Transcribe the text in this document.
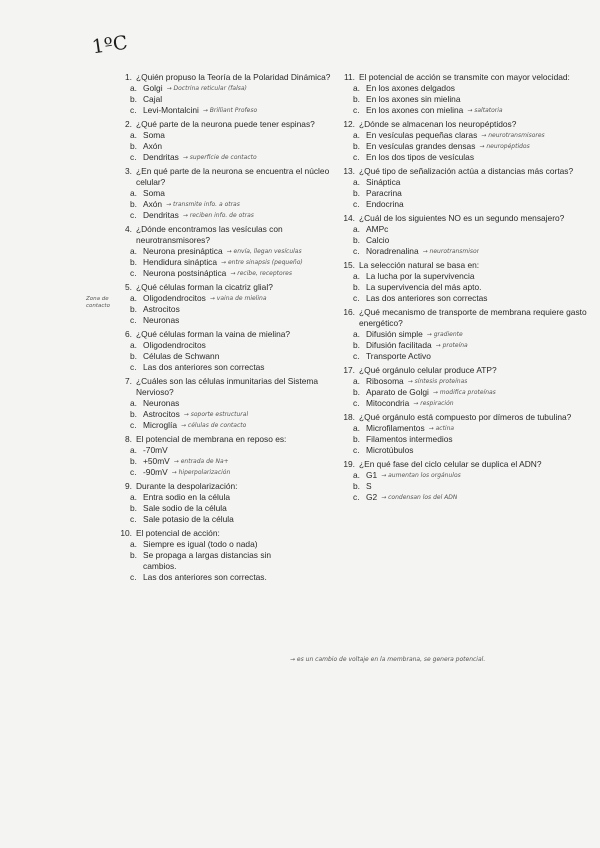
1ºC
Zona de contacto
1. ¿Quién propuso la Teoría de la Polaridad Dinámica?
a. Golgi → Doctrina reticular (falsa)
b. Cajal
c. Levi-Montalcini → Brilliant Profeso
2. ¿Qué parte de la neurona puede tener espinas?
a. Soma
b. Axón
c. Dendritas → superficie de contacto
3. ¿En qué parte de la neurona se encuentra el núcleo celular?
a. Soma
b. Axón → transmite info. a otras
c. Dendritas → reciben info. de otras
4. ¿Dónde encontramos las vesículas con neurotransmisores?
a. Neurona presináptica → envía, llegan vesículas
b. Hendidura sináptica → entre sinapsis (pequeño)
c. Neurona postsináptica → recibe, receptores
5. ¿Qué células forman la cicatriz glial?
a. Oligodendrocitos → vaina de mielina
b. Astrocitos
c. Neuronas
6. ¿Qué células forman la vaina de mielina?
a. Oligodendrocitos
b. Células de Schwann
c. Las dos anteriores son correctas
7. ¿Cuáles son las células inmunitarias del Sistema Nervioso?
a. Neuronas
b. Astrocitos → soporte estructural
c. Microglía → células de contacto
8. El potencial de membrana en reposo es:
a. -70mV
b. +50mV → entrada de Na+
c. -90mV → hiperpolarización
9. Durante la despolarización:
a. Entra sodio en la célula
b. Sale sodio de la célula
c. Sale potasio de la célula
10. El potencial de acción:
a. Siempre es igual (todo o nada)
b. Se propaga a largas distancias sin
cambios.
c. Las dos anteriores son correctas.
11. El potencial de acción se transmite con mayor velocidad:
a. En los axones delgados
b. En los axones sin mielina
c. En los axones con mielina → saltatoria
12. ¿Dónde se almacenan los neuropéptidos?
a. En vesículas pequeñas claras → neurotransmisores
b. En vesículas grandes densas → neuropéptidos
c. En los dos tipos de vesículas
13. ¿Qué tipo de señalización actúa a distancias más cortas?
a. Sináptica
b. Paracrina
c. Endocrina
14. ¿Cuál de los siguientes NO es un segundo mensajero?
a. AMPc
b. Calcio
c. Noradrenalina → neurotransmisor
15. La selección natural se basa en:
a. La lucha por la supervivencia
b. La supervivencia del más apto.
c. Las dos anteriores son correctas
16. ¿Qué mecanismo de transporte de membrana requiere gasto energético?
a. Difusión simple → gradiente
b. Difusión facilitada → proteína
c. Transporte Activo
17. ¿Qué orgánulo celular produce ATP?
a. Ribosoma → síntesis proteínas
b. Aparato de Golgi → modifica proteínas
c. Mitocondria → respiración
18. ¿Qué orgánulo está compuesto por dímeros de tubulina?
a. Microfilamentos → actina
b. Filamentos intermedios
c. Microtúbulos
19. ¿En qué fase del ciclo celular se duplica el ADN?
a. G1 → aumentan los orgánulos
b. S
c. G2 → condensan los del ADN
→ es un cambio de voltaje en la membrana, se genera potencial.
